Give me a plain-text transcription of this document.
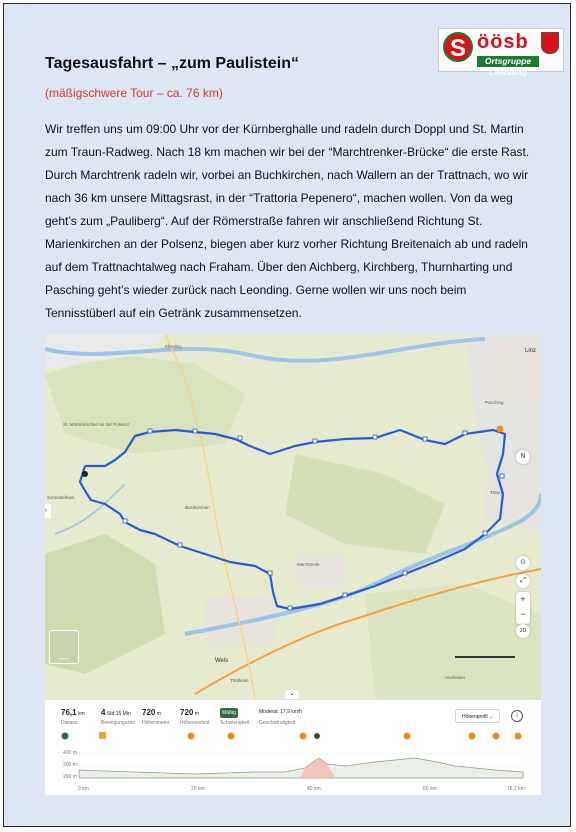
S öösb
Ortsgruppe Leonding
Tagesausfahrt – „zum Paulistein“
(mäßigschwere Tour – ca. 76 km)
Wir treffen uns um 09:00 Uhr vor der Kürnberghalle und radeln durch Doppl und St. Martin zum Traun-Radweg. Nach 18 km machen wir bei der “Marchtrenker-Brücke“ die erste Rast. Durch Marchtrenk radeln wir, vorbei an Buchkirchen, nach Wallern an der Trattnach, wo wir nach 36 km unsere Mittagsrast, in der “Trattoria Pepenero“, machen wollen. Von da weg geht’s zum „Pauliberg“. Auf der Römerstraße fahren wir anschließend Richtung St. Marienkirchen an der Polsenz, biegen aber kurz vorher Richtung Breitenaich ab und radeln auf dem Trattnachtalweg nach Fraham. Über den Aichberg, Kirchberg, Thurnharting und Pasching geht’s wieder zurück nach Leonding. Gerne wollen wir uns noch beim Tennisstüberl auf ein Getränk zusammensetzen.
Eferding
Linz
Wels
Marchtrenk
Traun
Pasching
Buchkirchen
Schnadelham
St. Marienkirchen an der Polsenz
Thalheim
Ansfelden
N
⊙
⤢
+
−
3D
Karten
‹
⌄
76,1 km
Distanz
4 Std 15 Min
Bewegungszeit
720 m
Höhenmeter
720 m
Höhenverlust
Mäßig
Schwierigkeit
Moderat: 17,9 km/h
Geschwindigkeit
Höhenprofil ⌄	i
400 m
300 m
200 m
0 km	20 km	40 km	60 km	76,2 km
